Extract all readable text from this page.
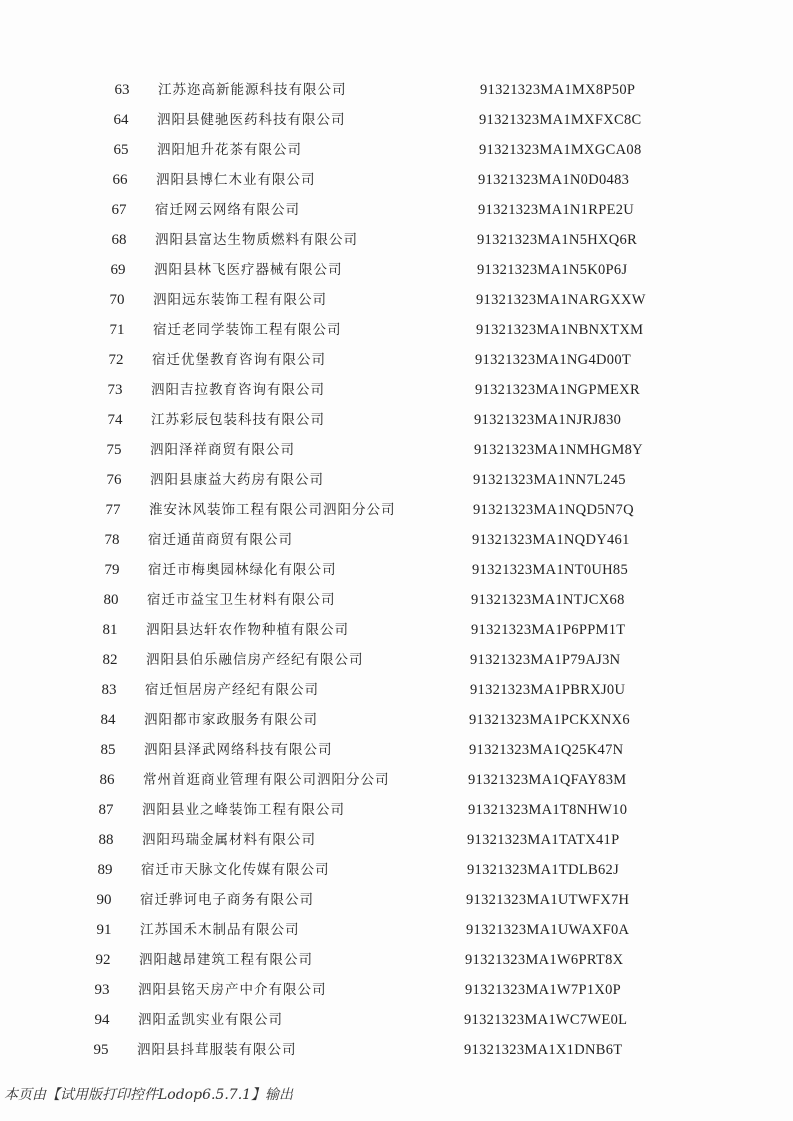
63	江苏迩高新能源科技有限公司	91321323MA1MX8P50P
64	泗阳县健驰医药科技有限公司	91321323MA1MXFXC8C
65	泗阳旭升花茶有限公司	91321323MA1MXGCA08
66	泗阳县博仁木业有限公司	91321323MA1N0D0483
67	宿迁网云网络有限公司	91321323MA1N1RPE2U
68	泗阳县富达生物质燃料有限公司	91321323MA1N5HXQ6R
69	泗阳县林飞医疗器械有限公司	91321323MA1N5K0P6J
70	泗阳远东装饰工程有限公司	91321323MA1NARGXXW
71	宿迁老同学装饰工程有限公司	91321323MA1NBNXTXM
72	宿迁优堡教育咨询有限公司	91321323MA1NG4D00T
73	泗阳吉拉教育咨询有限公司	91321323MA1NGPMEXR
74	江苏彩辰包装科技有限公司	91321323MA1NJRJ830
75	泗阳泽祥商贸有限公司	91321323MA1NMHGM8Y
76	泗阳县康益大药房有限公司	91321323MA1NN7L245
77	淮安沐风装饰工程有限公司泗阳分公司	91321323MA1NQD5N7Q
78	宿迁通苗商贸有限公司	91321323MA1NQDY461
79	宿迁市梅奥园林绿化有限公司	91321323MA1NT0UH85
80	宿迁市益宝卫生材料有限公司	91321323MA1NTJCX68
81	泗阳县达轩农作物种植有限公司	91321323MA1P6PPM1T
82	泗阳县伯乐融信房产经纪有限公司	91321323MA1P79AJ3N
83	宿迁恒居房产经纪有限公司	91321323MA1PBRXJ0U
84	泗阳都市家政服务有限公司	91321323MA1PCKXNX6
85	泗阳县泽武网络科技有限公司	91321323MA1Q25K47N
86	常州首逛商业管理有限公司泗阳分公司	91321323MA1QFAY83M
87	泗阳县业之峰装饰工程有限公司	91321323MA1T8NHW10
88	泗阳玛瑞金属材料有限公司	91321323MA1TATX41P
89	宿迁市天脉文化传媒有限公司	91321323MA1TDLB62J
90	宿迁骅诃电子商务有限公司	91321323MA1UTWFX7H
91	江苏国禾木制品有限公司	91321323MA1UWAXF0A
92	泗阳越昂建筑工程有限公司	91321323MA1W6PRT8X
93	泗阳县铭天房产中介有限公司	91321323MA1W7P1X0P
94	泗阳孟凯实业有限公司	91321323MA1WC7WE0L
95	泗阳县抖茸服装有限公司	91321323MA1X1DNB6T
本页由【试用版打印控件Lodop6.5.7.1】输出
